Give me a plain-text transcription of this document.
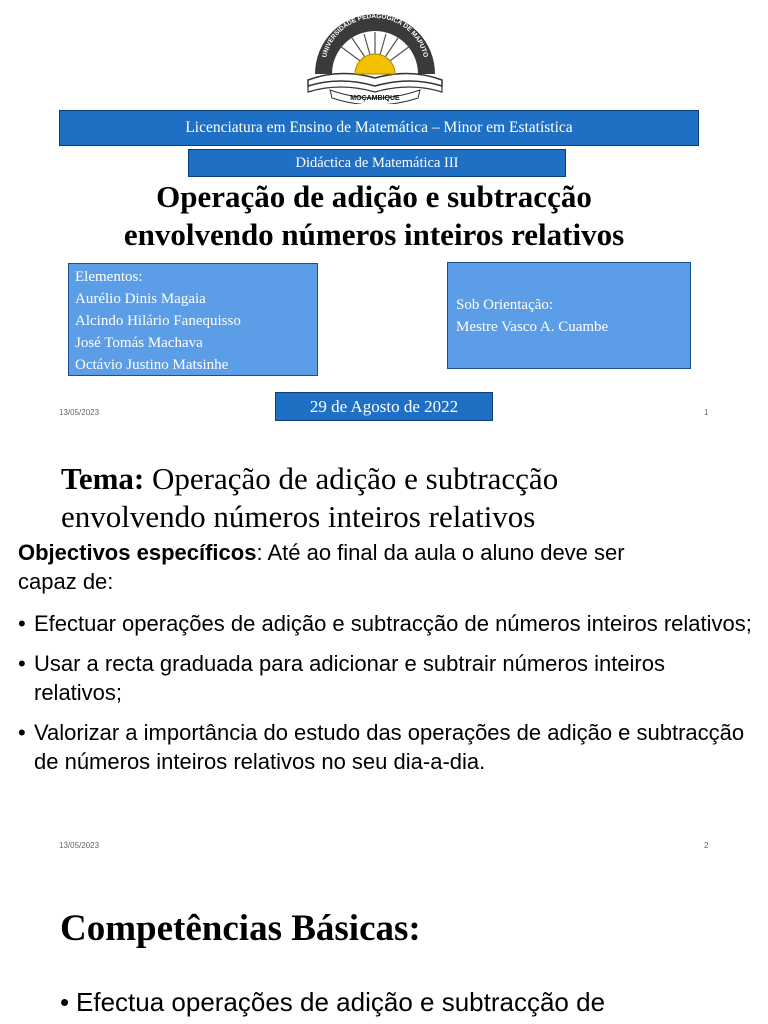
UNIVERSIDADE PEDAGÓGICA DE MAPUTO
MOÇAMBIQUE
Licenciatura em Ensino de Matemática – Minor em Estatística
Didáctica de Matemática III
Operação de adição e subtracção
envolvendo números inteiros relativos
Elementos:
Aurélio Dinis Magaia
Alcindo Hilário Fanequisso
José Tomás Machava
Octávio Justino Matsinhe
Sob Orientação:
Mestre Vasco A. Cuambe
29 de Agosto de 2022
13/05/2023	1
Tema: Operação de adição e subtracção
envolvendo números inteiros relativos
Objectivos específicos: Até ao final da aula o aluno deve ser
capaz de:
• Efectuar operações de adição e subtracção de números inteiros relativos;
• Usar a recta graduada para adicionar e subtrair números inteiros relativos;
• Valorizar a importância do estudo das operações de adição e subtracção de números inteiros relativos no seu dia-a-dia.
13/05/2023	2
Competências Básicas:
• Efectua operações de adição e subtracção de
